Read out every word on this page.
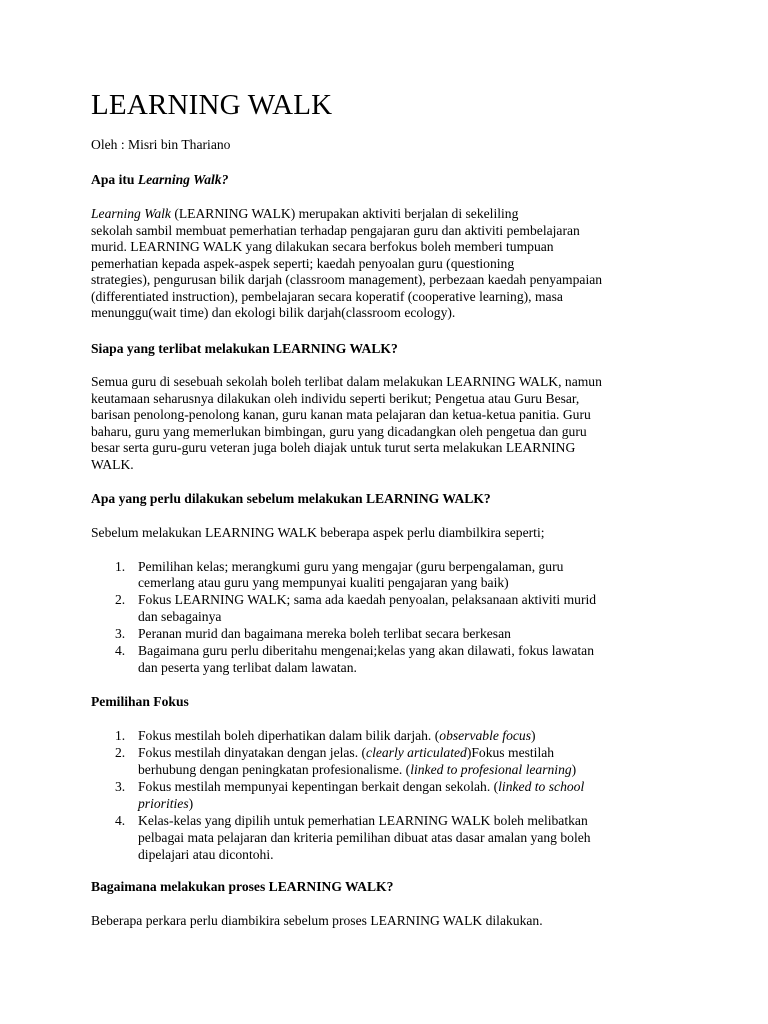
LEARNING WALK
Oleh : Misri bin Thariano
Apa itu Learning Walk?
Learning Walk (LEARNING WALK) merupakan aktiviti berjalan di sekeliling
sekolah sambil membuat pemerhatian terhadap pengajaran guru dan aktiviti pembelajaran
murid. LEARNING WALK yang dilakukan secara berfokus boleh memberi tumpuan
pemerhatian kepada aspek-aspek seperti; kaedah penyoalan guru (questioning
strategies), pengurusan bilik darjah (classroom management), perbezaan kaedah penyampaian
(differentiated instruction), pembelajaran secara koperatif (cooperative learning), masa
menunggu(wait time) dan ekologi bilik darjah(classroom ecology).
Siapa yang terlibat melakukan LEARNING WALK?
Semua guru di sesebuah sekolah boleh terlibat dalam melakukan LEARNING WALK, namun
keutamaan seharusnya dilakukan oleh individu seperti berikut; Pengetua atau Guru Besar,
barisan penolong-penolong kanan, guru kanan mata pelajaran dan ketua-ketua panitia. Guru
baharu, guru yang memerlukan bimbingan, guru yang dicadangkan oleh pengetua dan guru
besar serta guru-guru veteran juga boleh diajak untuk turut serta melakukan LEARNING
WALK.
Apa yang perlu dilakukan sebelum melakukan LEARNING WALK?
Sebelum melakukan LEARNING WALK beberapa aspek perlu diambilkira seperti;
1. Pemilihan kelas; merangkumi guru yang mengajar (guru berpengalaman, guru
cemerlang atau guru yang mempunyai kualiti pengajaran yang baik)
2. Fokus LEARNING WALK; sama ada kaedah penyoalan, pelaksanaan aktiviti murid
dan sebagainya
3. Peranan murid dan bagaimana mereka boleh terlibat secara berkesan
4. Bagaimana guru perlu diberitahu mengenai;kelas yang akan dilawati, fokus lawatan
dan peserta yang terlibat dalam lawatan.
Pemilihan Fokus
1. Fokus mestilah boleh diperhatikan dalam bilik darjah. (observable focus)
2. Fokus mestilah dinyatakan dengan jelas. (clearly articulated)Fokus mestilah
berhubung dengan peningkatan profesionalisme. (linked to profesional learning)
3. Fokus mestilah mempunyai kepentingan berkait dengan sekolah. (linked to school
priorities)
4. Kelas-kelas yang dipilih untuk pemerhatian LEARNING WALK boleh melibatkan
pelbagai mata pelajaran dan kriteria pemilihan dibuat atas dasar amalan yang boleh
dipelajari atau dicontohi.
Bagaimana melakukan proses LEARNING WALK?
Beberapa perkara perlu diambikira sebelum proses LEARNING WALK dilakukan.
